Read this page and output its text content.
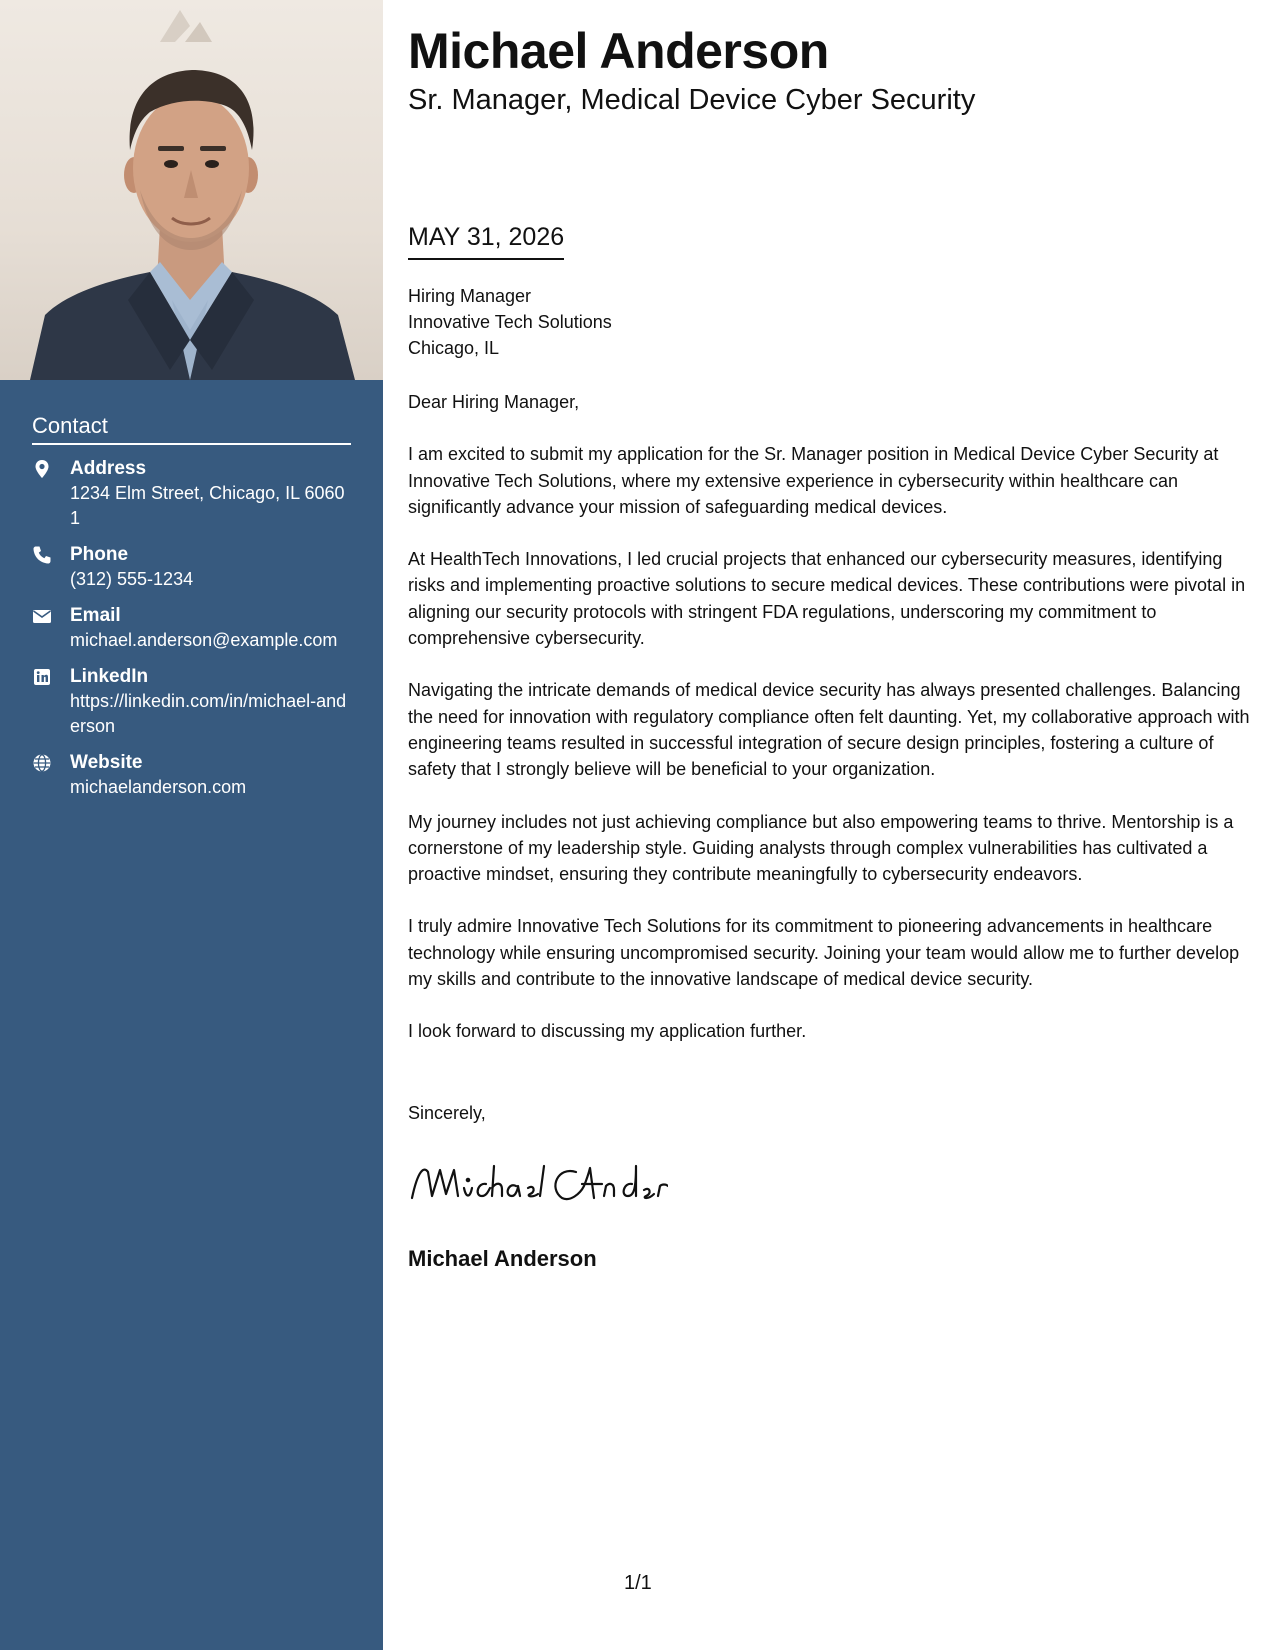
Contact
Address
1234 Elm Street, Chicago, IL 60601
Phone
(312) 555-1234
Email
michael.anderson@example.com
LinkedIn
https://linkedin.com/in/michael-anderson
Website
michaelanderson.com
Michael Anderson
Sr. Manager, Medical Device Cyber Security
MAY 31, 2026
Hiring Manager
Innovative Tech Solutions
Chicago, IL

Dear Hiring Manager,

I am excited to submit my application for the Sr. Manager position in Medical Device Cyber Security at Innovative Tech Solutions, where my extensive experience in cybersecurity within healthcare can significantly advance your mission of safeguarding medical devices.

At HealthTech Innovations, I led crucial projects that enhanced our cybersecurity measures, identifying risks and implementing proactive solutions to secure medical devices. These contributions were pivotal in aligning our security protocols with stringent FDA regulations, underscoring my commitment to comprehensive cybersecurity.

Navigating the intricate demands of medical device security has always presented challenges. Balancing the need for innovation with regulatory compliance often felt daunting. Yet, my collaborative approach with engineering teams resulted in successful integration of secure design principles, fostering a culture of safety that I strongly believe will be beneficial to your organization.

My journey includes not just achieving compliance but also empowering teams to thrive. Mentorship is a cornerstone of my leadership style. Guiding analysts through complex vulnerabilities has cultivated a proactive mindset, ensuring they contribute meaningfully to cybersecurity endeavors.

I truly admire Innovative Tech Solutions for its commitment to pioneering advancements in healthcare technology while ensuring uncompromised security. Joining your team would allow me to further develop my skills and contribute to the innovative landscape of medical device security.

I look forward to discussing my application further.

Sincerely,
Michael Anderson
1/1
